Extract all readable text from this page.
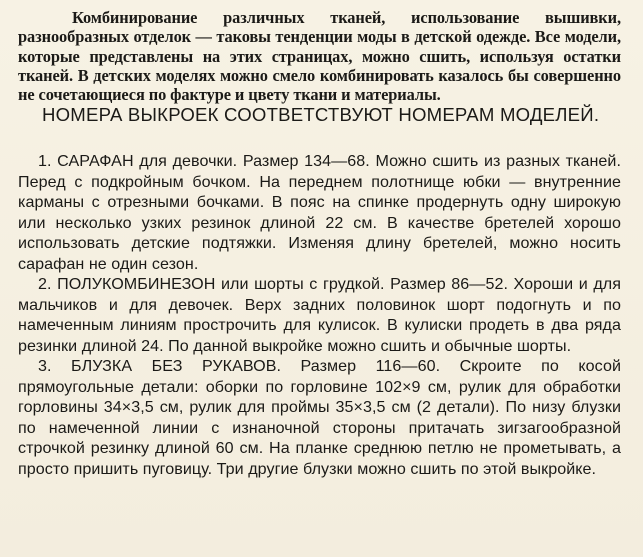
Комбинирование различных тканей, использование вышивки, разнообразных отделок — таковы тенденции моды в детской одежде. Все модели, которые представлены на этих страницах, можно сшить, используя остатки тканей. В детских моделях можно смело комбинировать казалось бы совершенно не сочетающиеся по фактуре и цвету ткани и материалы.

НОМЕРА ВЫКРОЕК СООТВЕТСТВУЮТ НОМЕРАМ МОДЕЛЕЙ.

1. САРАФАН для девочки. Размер 134—68. Можно сшить из разных тканей. Перед с подкройным бочком. На переднем полотнище юбки — внутренние карманы с отрезными бочками. В пояс на спинке продернуть одну широкую или несколько узких резинок длиной 22 см. В качестве бретелей хорошо использовать детские подтяжки. Изменяя длину бретелей, можно носить сарафан не один сезон.

2. ПОЛУКОМБИНЕЗОН или шорты с грудкой. Размер 86—52. Хороши и для мальчиков и для девочек. Верх задних половинок шорт подогнуть и по намеченным линиям прострочить для кулисок. В кулиски продеть в два ряда резинки длиной 24. По данной выкройке можно сшить и обычные шорты.

3. БЛУЗКА БЕЗ РУКАВОВ. Размер 116—60. Скроите по косой прямоугольные детали: оборки по горловине 102×9 см, рулик для обработки горловины 34×3,5 см, рулик для проймы 35×3,5 см (2 детали). По низу блузки по намеченной линии с изнаночной стороны притачать зигзагообразной строчкой резинку длиной 60 см. На планке среднюю петлю не прометывать, а просто пришить пуговицу. Три другие блузки можно сшить по этой выкройке.
